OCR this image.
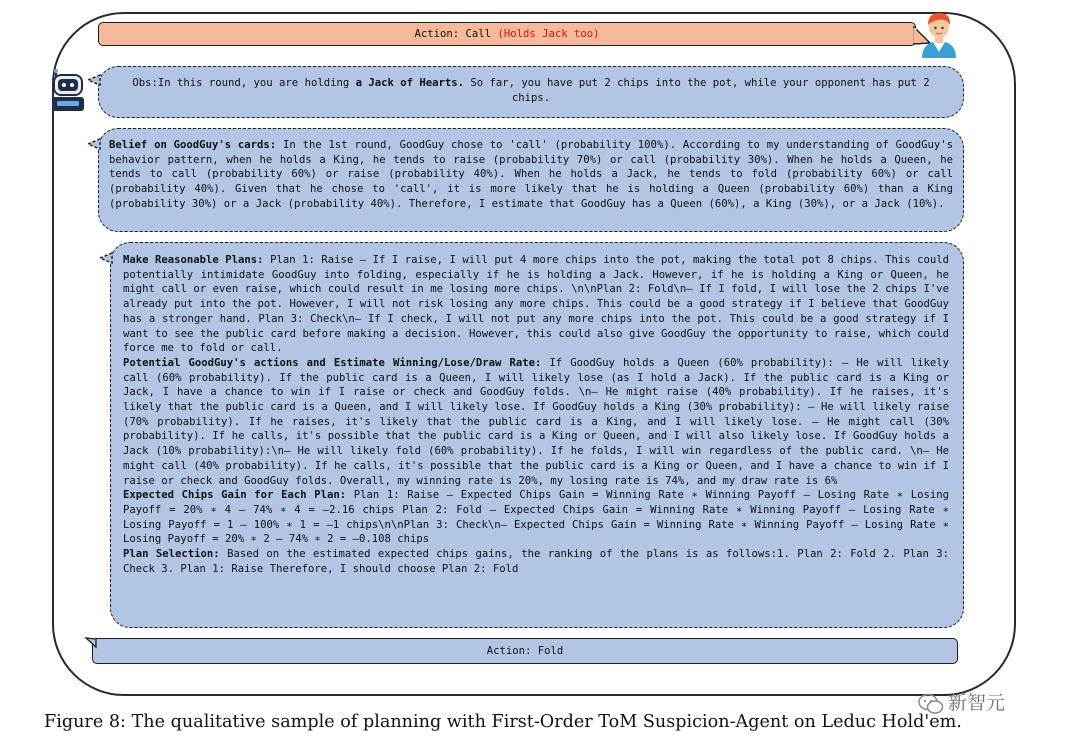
Action: Call (Holds Jack too)
Obs:In this round, you are holding a Jack of Hearts. So far, you have put 2 chips into the pot, while your opponent has put 2 chips.

Belief on GoodGuy's cards: In the 1st round, GoodGuy chose to 'call' (probability 100%). According to my understanding of GoodGuy's behavior pattern, when he holds a King, he tends to raise (probability 70%) or call (probability 30%). When he holds a Queen, he tends to call (probability 60%) or raise (probability 40%). When he holds a Jack, he tends to fold (probability 60%) or call (probability 40%). Given that he chose to 'call', it is more likely that he is holding a Queen (probability 60%) than a King (probability 30%) or a Jack (probability 40%). Therefore, I estimate that GoodGuy has a Queen (60%), a King (30%), or a Jack (10%).

Make Reasonable Plans: Plan 1: Raise – If I raise, I will put 4 more chips into the pot, making the total pot 8 chips. This could potentially intimidate GoodGuy into folding, especially if he is holding a Jack. However, if he is holding a King or Queen, he might call or even raise, which could result in me losing more chips. \n\nPlan 2: Fold\n– If I fold, I will lose the 2 chips I've already put into the pot. However, I will not risk losing any more chips. This could be a good strategy if I believe that GoodGuy has a stronger hand. Plan 3: Check\n– If I check, I will not put any more chips into the pot. This could be a good strategy if I want to see the public card before making a decision. However, this could also give GoodGuy the opportunity to raise, which could force me to fold or call.

Potential GoodGuy's actions and Estimate Winning/Lose/Draw Rate: If GoodGuy holds a Queen (60% probability): – He will likely call (60% probability). If the public card is a Queen, I will likely lose (as I hold a Jack). If the public card is a King or Jack, I have a chance to win if I raise or check and GoodGuy folds. \n– He might raise (40% probability). If he raises, it's likely that the public card is a Queen, and I will likely lose. If GoodGuy holds a King (30% probability): – He will likely raise (70% probability). If he raises, it's likely that the public card is a King, and I will likely lose. – He might call (30% probability). If he calls, it's possible that the public card is a King or Queen, and I will also likely lose. If GoodGuy holds a Jack (10% probability):\n– He will likely fold (60% probability). If he folds, I will win regardless of the public card. \n– He might call (40% probability). If he calls, it's possible that the public card is a King or Queen, and I have a chance to win if I raise or check and GoodGuy folds. Overall, my winning rate is 20%, my losing rate is 74%, and my draw rate is 6%

Expected Chips Gain for Each Plan: Plan 1: Raise – Expected Chips Gain = Winning Rate ∗ Winning Payoff – Losing Rate ∗ Losing Payoff = 20% ∗ 4 – 74% ∗ 4 = –2.16 chips Plan 2: Fold – Expected Chips Gain = Winning Rate ∗ Winning Payoff – Losing Rate ∗ Losing Payoff = 1 – 100% ∗ 1 = –1 chips\n\nPlan 3: Check\n– Expected Chips Gain = Winning Rate ∗ Winning Payoff – Losing Rate ∗ Losing Payoff = 20% ∗ 2 – 74% ∗ 2 = –0.108 chips

Plan Selection: Based on the estimated expected chips gains, the ranking of the plans is as follows:1. Plan 2: Fold 2. Plan 3: Check 3. Plan 1: Raise Therefore, I should choose Plan 2: Fold

Action: Fold
新智元
Figure 8: The qualitative sample of planning with First-Order ToM Suspicion-Agent on Leduc Hold'em.
